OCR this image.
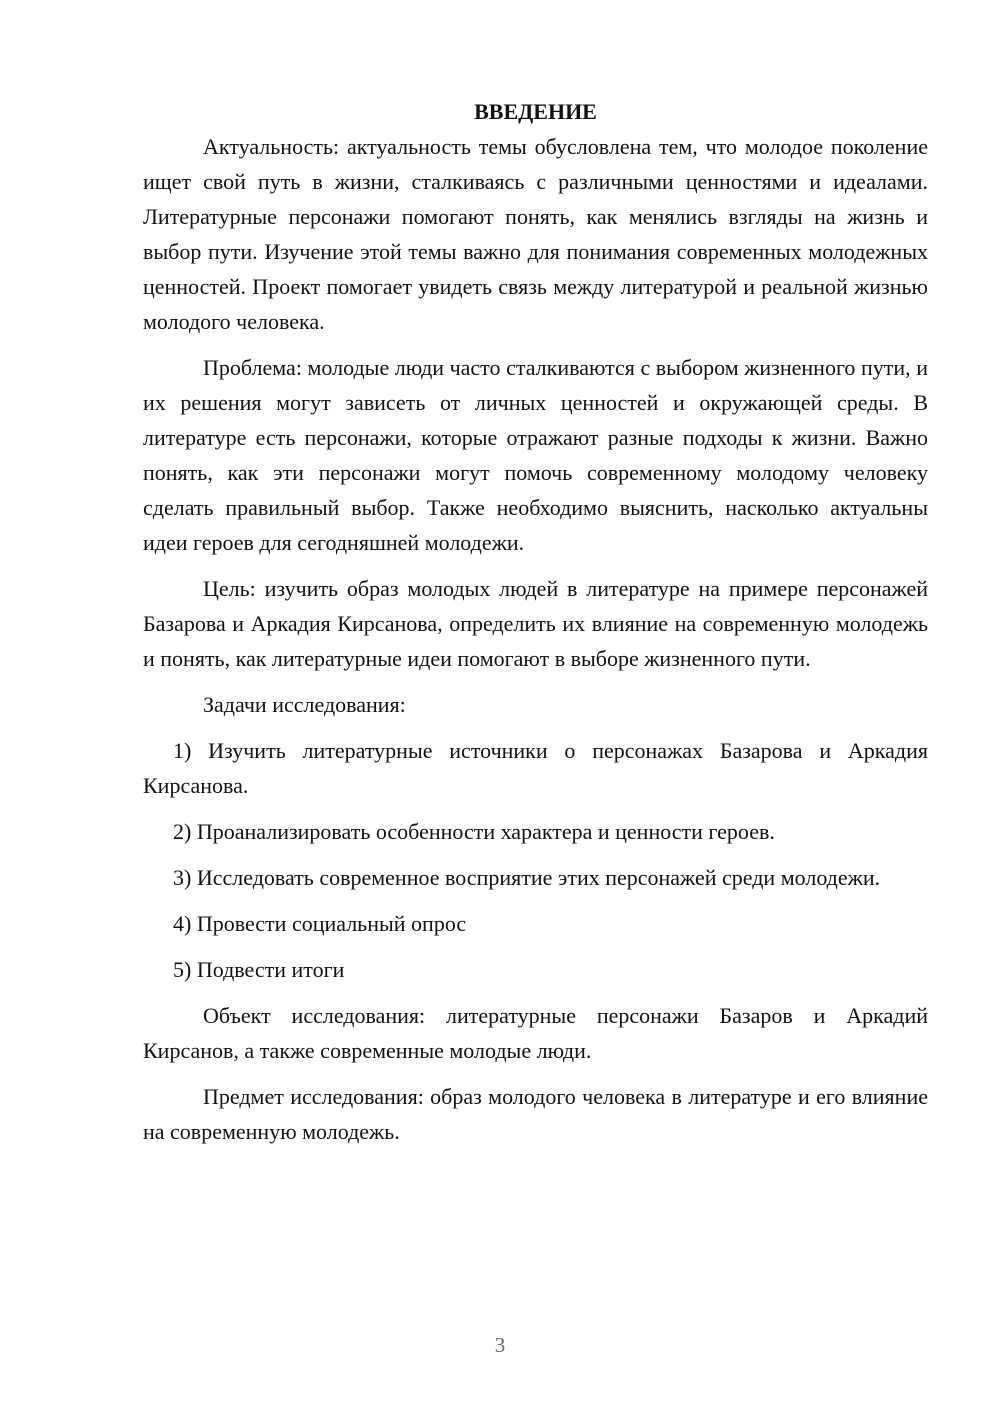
ВВЕДЕНИЕ

Актуальность: актуальность темы обусловлена тем, что молодое поколение ищет свой путь в жизни, сталкиваясь с различными ценностями и идеалами. Литературные персонажи помогают понять, как менялись взгляды на жизнь и выбор пути. Изучение этой темы важно для понимания современных молодежных ценностей. Проект помогает увидеть связь между литературой и реальной жизнью молодого человека.

Проблема: молодые люди часто сталкиваются с выбором жизненного пути, и их решения могут зависеть от личных ценностей и окружающей среды. В литературе есть персонажи, которые отражают разные подходы к жизни. Важно понять, как эти персонажи могут помочь современному молодому человеку сделать правильный выбор. Также необходимо выяснить, насколько актуальны идеи героев для сегодняшней молодежи.

Цель: изучить образ молодых людей в литературе на примере персонажей Базарова и Аркадия Кирсанова, определить их влияние на современную молодежь и понять, как литературные идеи помогают в выборе жизненного пути.

Задачи исследования:

1) Изучить литературные источники о персонажах Базарова и Аркадия Кирсанова.

2) Проанализировать особенности характера и ценности героев.

3) Исследовать современное восприятие этих персонажей среди молодежи.

4) Провести социальный опрос

5) Подвести итоги

Объект исследования: литературные персонажи Базаров и Аркадий Кирсанов, а также современные молодые люди.

Предмет исследования: образ молодого человека в литературе и его влияние на современную молодежь.

3
